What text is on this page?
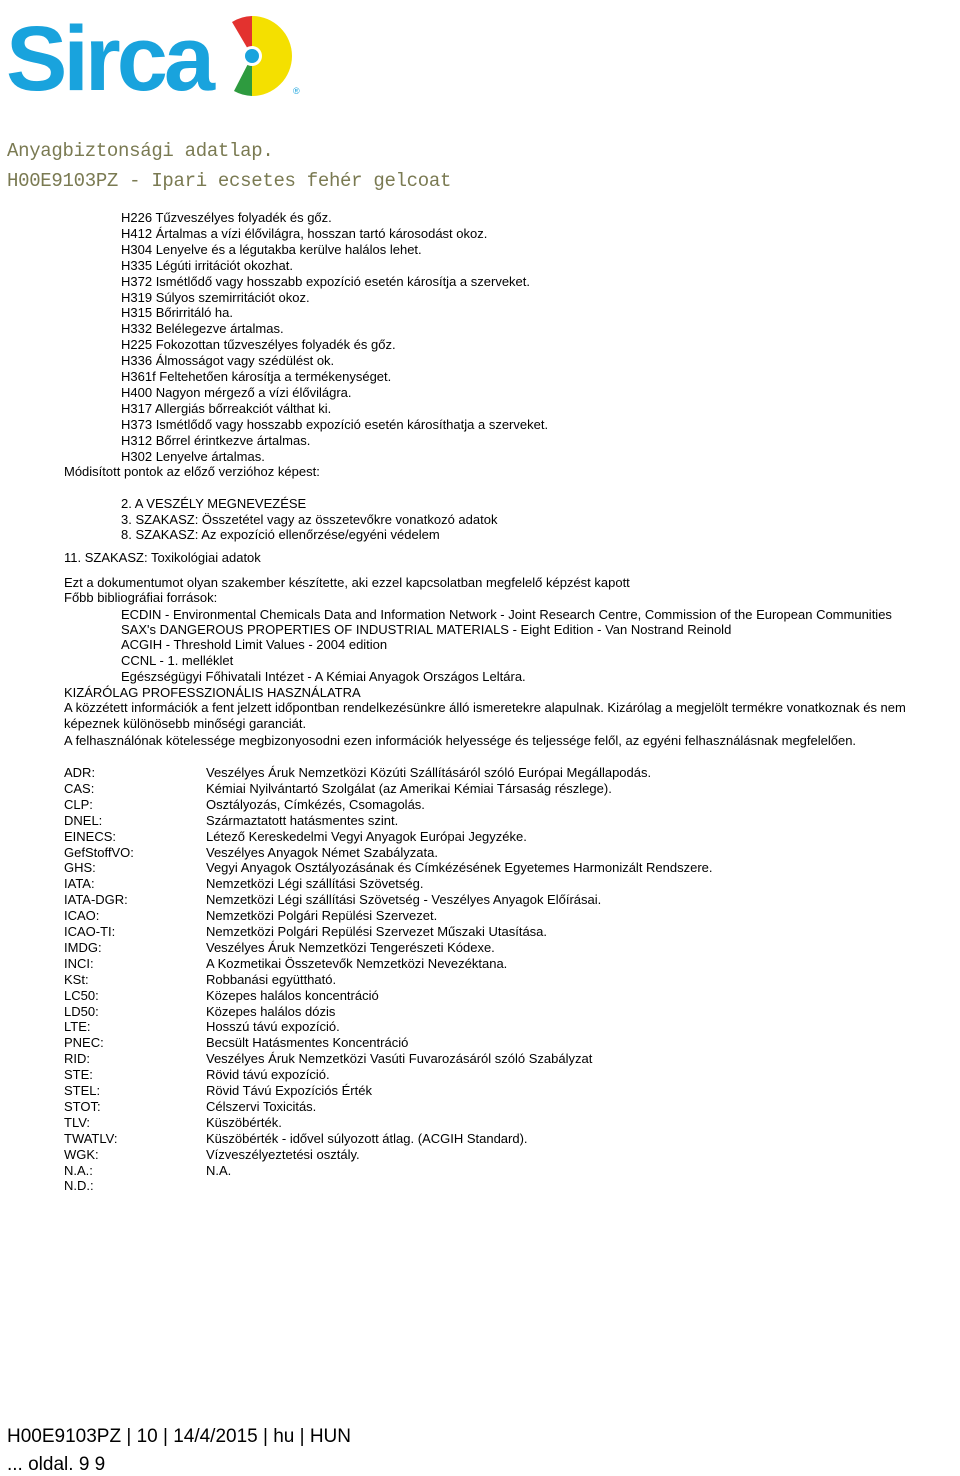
Sirca	®
Anyagbiztonsági adatlap.
H00E9103PZ - Ipari ecsetes fehér gelcoat
H226 Tűzveszélyes folyadék és gőz.
H412 Ártalmas a vízi élővilágra, hosszan tartó károsodást okoz.
H304 Lenyelve és a légutakba kerülve halálos lehet.
H335 Légúti irritációt okozhat.
H372 Ismétlődő vagy hosszabb expozíció esetén károsítja a szerveket.
H319 Súlyos szemirritációt okoz.
H315 Bőrirritáló ha.
H332 Belélegezve ártalmas.
H225 Fokozottan tűzveszélyes folyadék és gőz.
H336 Álmosságot vagy szédülést ok.
H361f Feltehetően károsítja a termékenységet.
H400 Nagyon mérgező a vízi élővilágra.
H317 Allergiás bőrreakciót válthat ki.
H373 Ismétlődő vagy hosszabb expozíció esetén károsíthatja a szerveket.
H312 Bőrrel érintkezve ártalmas.
H302 Lenyelve ártalmas.
Módisított pontok az előző verzióhoz képest:
2. A VESZÉLY MEGNEVEZÉSE
3. SZAKASZ: Összetétel vagy az összetevőkre vonatkozó adatok
8. SZAKASZ: Az expozíció ellenőrzése/egyéni védelem
11. SZAKASZ: Toxikológiai adatok
Ezt a dokumentumot olyan szakember készítette, aki ezzel kapcsolatban megfelelő képzést kapott
Főbb bibliográfiai források:
ECDIN - Environmental Chemicals Data and Information Network - Joint Research Centre, Commission of the European Communities
SAX's DANGEROUS PROPERTIES OF INDUSTRIAL MATERIALS - Eight Edition - Van Nostrand Reinold
ACGIH - Threshold Limit Values - 2004 edition
CCNL - 1. melléklet
Egészségügyi Főhivatali Intézet - A Kémiai Anyagok Országos Leltára.
KIZÁRÓLAG PROFESSZIONÁLIS HASZNÁLATRA
A közzétett információk a fent jelzett időpontban rendelkezésünkre álló ismeretekre alapulnak. Kizárólag a megjelölt termékre vonatkoznak és nem képeznek különösebb minőségi garanciát.
A felhasználónak kötelessége megbizonyosodni ezen információk helyessége és teljessége felől, az egyéni felhasználásnak megfelelően.
ADR:	Veszélyes Áruk Nemzetközi Közúti Szállításáról szóló Európai Megállapodás.
CAS:	Kémiai Nyilvántartó Szolgálat (az Amerikai Kémiai Társaság részlege).
CLP:	Osztályozás, Címkézés, Csomagolás.
DNEL:	Származtatott hatásmentes szint.
EINECS:	Létező Kereskedelmi Vegyi Anyagok Európai Jegyzéke.
GefStoffVO:	Veszélyes Anyagok Német Szabályzata.
GHS:	Vegyi Anyagok Osztályozásának és Címkézésének Egyetemes Harmonizált Rendszere.
IATA:	Nemzetközi Légi szállítási Szövetség.
IATA-DGR:	Nemzetközi Légi szállítási Szövetség - Veszélyes Anyagok Előírásai.
ICAO:	Nemzetközi Polgári Repülési Szervezet.
ICAO-TI:	Nemzetközi Polgári Repülési Szervezet Műszaki Utasítása.
IMDG:	Veszélyes Áruk Nemzetközi Tengerészeti Kódexe.
INCI:	A Kozmetikai Összetevők Nemzetközi Nevezéktana.
KSt:	Robbanási együttható.
LC50:	Közepes halálos koncentráció
LD50:	Közepes halálos dózis
LTE:	Hosszú távú expozíció.
PNEC:	Becsült Hatásmentes Koncentráció
RID:	Veszélyes Áruk Nemzetközi Vasúti Fuvarozásáról szóló Szabályzat
STE:	Rövid távú expozíció.
STEL:	Rövid Távú Expozíciós Érték
STOT:	Célszervi Toxicitás.
TLV:	Küszöbérték.
TWATLV:	Küszöbérték - idővel súlyozott átlag. (ACGIH Standard).
WGK:	Vízveszélyeztetési osztály.
N.A.:	N.A.
N.D.:
H00E9103PZ | 10 | 14/4/2015 | hu | HUN
... oldal. 9 9
